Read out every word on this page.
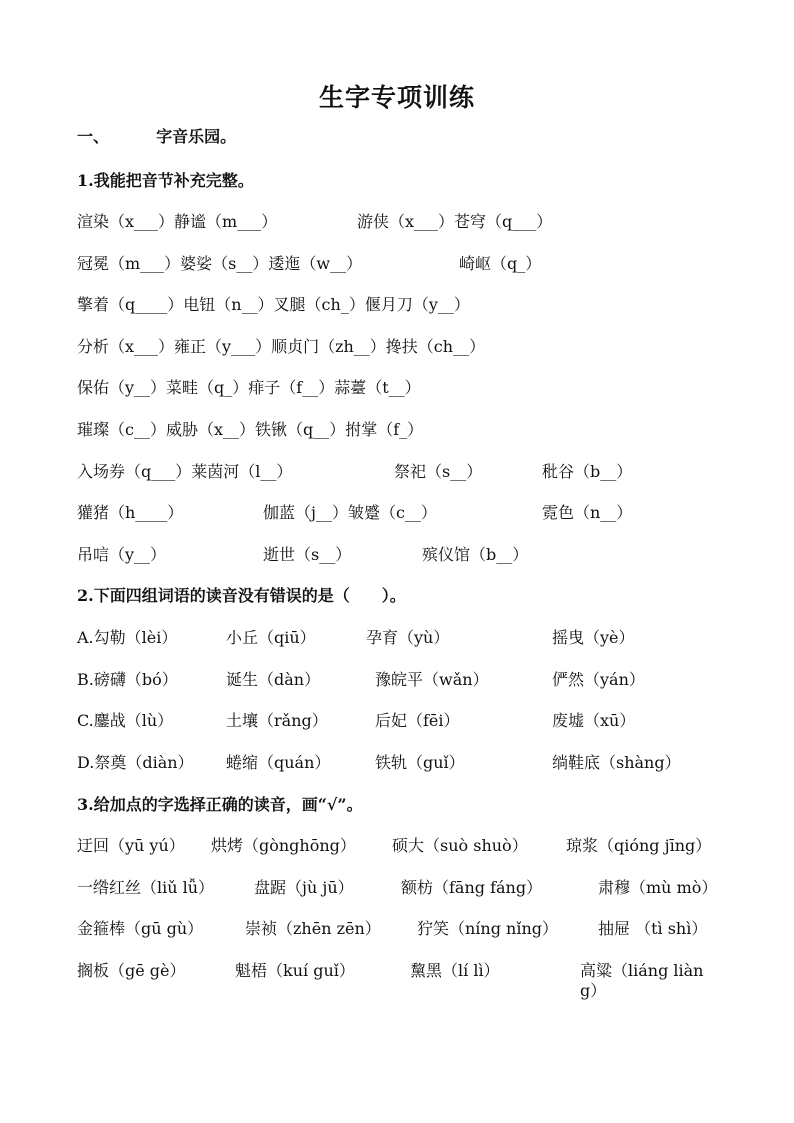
生字专项训练
一、	字音乐园。
1.我能把音节补充完整。
渲染（x___）静谧（m___）	游侠（x___）苍穹（q___）
冠冕（m___）婆娑（s__）逶迤（w__）	崎岖（q_）
擎着（q____）电钮（n__）叉腿（ch_）偃月刀（y__）
分析（x___）雍正（y___）顺贞门（zh__）搀扶（ch__）
保佑（y__）菜畦（q_）痱子（f__）蒜薹（t__）
璀璨（c__）威胁（x__）铁锹（q__）拊掌（f_）
入场券（q___）莱茵河（l__）	祭祀（s__）	秕谷（b__）
獾猪（h____）	伽蓝（j__）皱蹙（c__）	霓色（n__）
吊唁（y__）	逝世（s__）	殡仪馆（b__）
2.下面四组词语的读音没有错误的是（　　）。
A.勾勒（lèi）	小丘（qiū）	孕育（yù）	摇曳（yè）
B.磅礴（bó）	诞生（dàn）	豫皖平（wǎn）	俨然（yán）
C.鏖战（lù）	土壤（rǎng）	后妃（fēi）	废墟（xū）
D.祭奠（diàn） 蜷缩（quán）	铁轨（guǐ）	绱鞋底（shàng）
3.给加点的字选择正确的读音，画“√”。
迂回（yū yú） 烘烤（gònghōng） 硕大（suò shuò） 琼浆（qióng jīng）
一绺红丝（liǔ lǚ） 盘踞（jù jū）	额枋（fāng fáng）	肃穆（mù mò）
金箍棒（gū gù）	崇祯（zhēn zēn） 狞笑（níng nǐng） 抽屉 （tì shì）
搁板（gē gè）	魁梧（kuí guǐ）	黧黑（lí lì）	高粱（liáng liàng）
